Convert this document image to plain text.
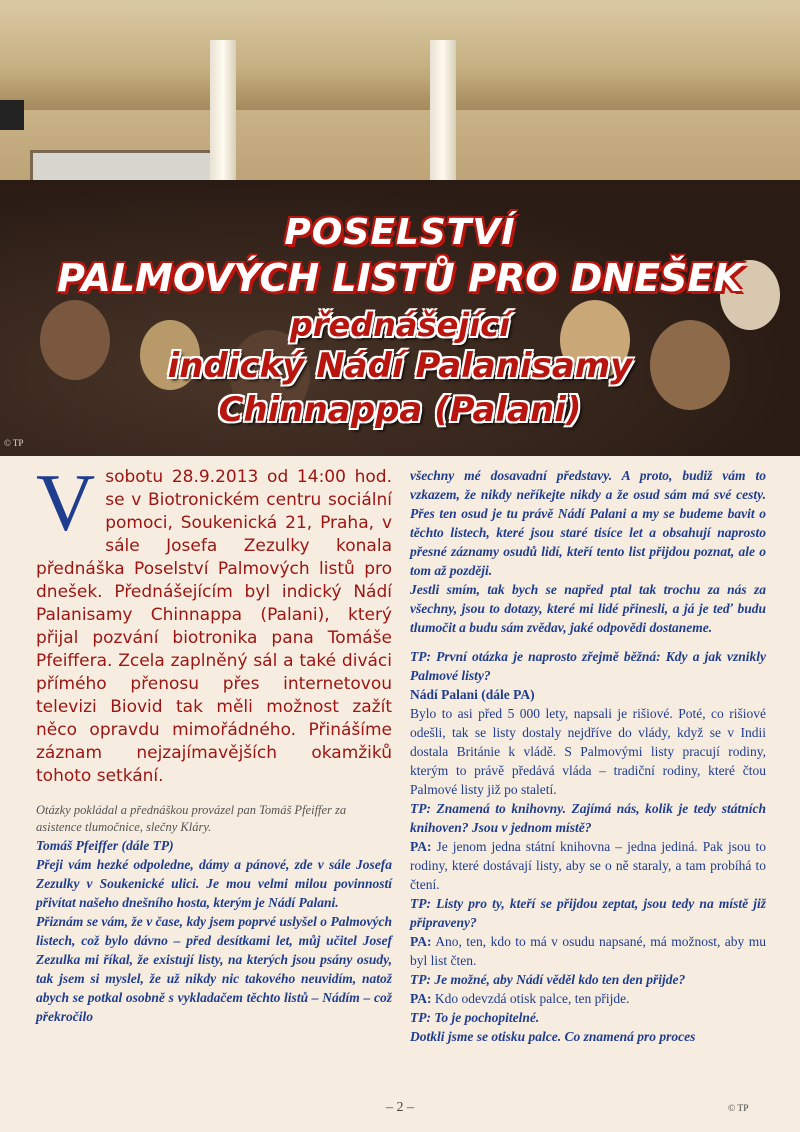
POSELSTVÍ
PALMOVÝCH LISTŮ PRO DNEŠEK
přednášející
indický Nádí Palanisamy
Chinnappa (Palani)
© TP

V sobotu 28.9.2013 od 14:00 hod. se v Biotronickém centru sociální pomoci, Soukenická 21, Praha, v sále Josefa Zezulky konala přednáška Poselství Palmových listů pro dnešek. Přednášejícím byl indický Nádí Palanisamy Chinnappa (Palani), který přijal pozvání biotronika pana Tomáše Pfeiffera. Zcela zaplněný sál a také diváci přímého přenosu přes internetovou televizi Biovid tak měli možnost zažít něco opravdu mimořádného. Přinášíme záznam nejzajímavějších okamžiků tohoto setkání.

Otázky pokládal a přednáškou provázel pan Tomáš Pfeiffer za asistence tlumočnice, slečny Kláry.

Tomáš Pfeiffer (dále TP)

Přeji vám hezké odpoledne, dámy a pánové, zde v sále Josefa Zezulky v Soukenické ulici. Je mou velmi milou povinností přivítat našeho dnešního hosta, kterým je Nádí Palani.

Přiznám se vám, že v čase, kdy jsem poprvé uslyšel o Palmových listech, což bylo dávno – před desítkami let, můj učitel Josef Zezulka mi říkal, že existují listy, na kterých jsou psány osudy, tak jsem si myslel, že už nikdy nic takového neuvidím, natož abych se potkal osobně s vykladačem těchto listů – Nádím – což překročilo

všechny mé dosavadní představy. A proto, budiž vám to vzkazem, že nikdy neříkejte nikdy a že osud sám má své cesty. Přes ten osud je tu právě Nádí Palani a my se budeme bavit o těchto listech, které jsou staré tisíce let a obsahují naprosto přesné záznamy osudů lidí, kteří tento list přijdou poznat, ale o tom až později.

Jestli smím, tak bych se napřed ptal tak trochu za nás za všechny, jsou to dotazy, které mi lidé přinesli, a já je teď budu tlumočit a budu sám zvědav, jaké odpovědi dostaneme.

TP: První otázka je naprosto zřejmě běžná: Kdy a jak vznikly Palmové listy?

Nádí Palani (dále PA)

Bylo to asi před 5 000 lety, napsali je rišiové. Poté, co rišiové odešli, tak se listy dostaly nejdříve do vlády, když se v Indii dostala Británie k vládě. S Palmovými listy pracují rodiny, kterým to právě předává vláda – tradiční rodiny, které čtou Palmové listy již po staletí.

TP: Znamená to knihovny. Zajímá nás, kolik je tedy státních knihoven? Jsou v jednom místě?

PA: Je jenom jedna státní knihovna – jedna jediná. Pak jsou to rodiny, které dostávají listy, aby se o ně staraly, a tam probíhá to čtení.

TP: Listy pro ty, kteří se přijdou zeptat, jsou tedy na místě již připraveny?

PA: Ano, ten, kdo to má v osudu napsané, má možnost, aby mu byl list čten.

TP: Je možné, aby Nádí věděl kdo ten den přijde?

PA: Kdo odevzdá otisk palce, ten přijde.

TP: To je pochopitelné.

Dotkli jsme se otisku palce. Co znamená pro proces

– 2 –	© TP
